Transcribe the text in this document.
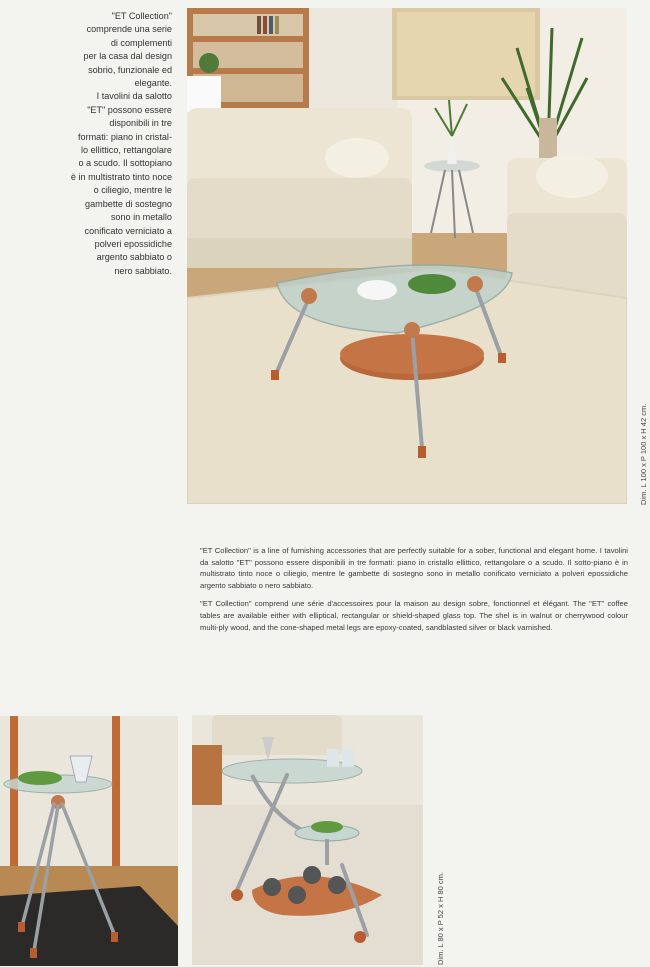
"ET Collection"
comprende una serie
di complementi
per la casa dal design
sobrio, funzionale ed
elegante.
I tavolini da salotto
"ET" possono essere
disponibili in tre
formati: piano in cristal-
lo ellittico, rettangolare
o a scudo. Il sottopiano
è in multistrato tinto noce
o ciliegio, mentre le
gambette di sostegno
sono in metallo
conificato verniciato a
polveri epossidiche
argento sabbiato o
nero sabbiato.
Dim. L 100 x P 100 x H 42 cm.

"ET Collection" is a line of furnishing accessories that are perfectly suitable for a sober, functional and elegant home. I tavolini da salotto "ET" possono essere disponibili in tre formati: piano in cristallo ellittico, rettangolare o a scudo. Il sotto-piano è in multistrato tinto noce o ciliegio, mentre le gambette di sostegno sono in metallo conificato verniciato a polveri epossidiche argento sabbiato o nero sabbiato.

"ET Collection" comprend une série d'accessoires pour la maison au design sobre, fonctionnel et élégant. The "ET" coffee tables are available either with elliptical, rectangular or shield-shaped glass top. The shel is in walnut or cherrywood colour multi-ply wood, and the cone-shaped metal legs are epoxy-coated, sandblasted silver or black varnished.

Dim. L 80 x P 52 x H 80 cm.
